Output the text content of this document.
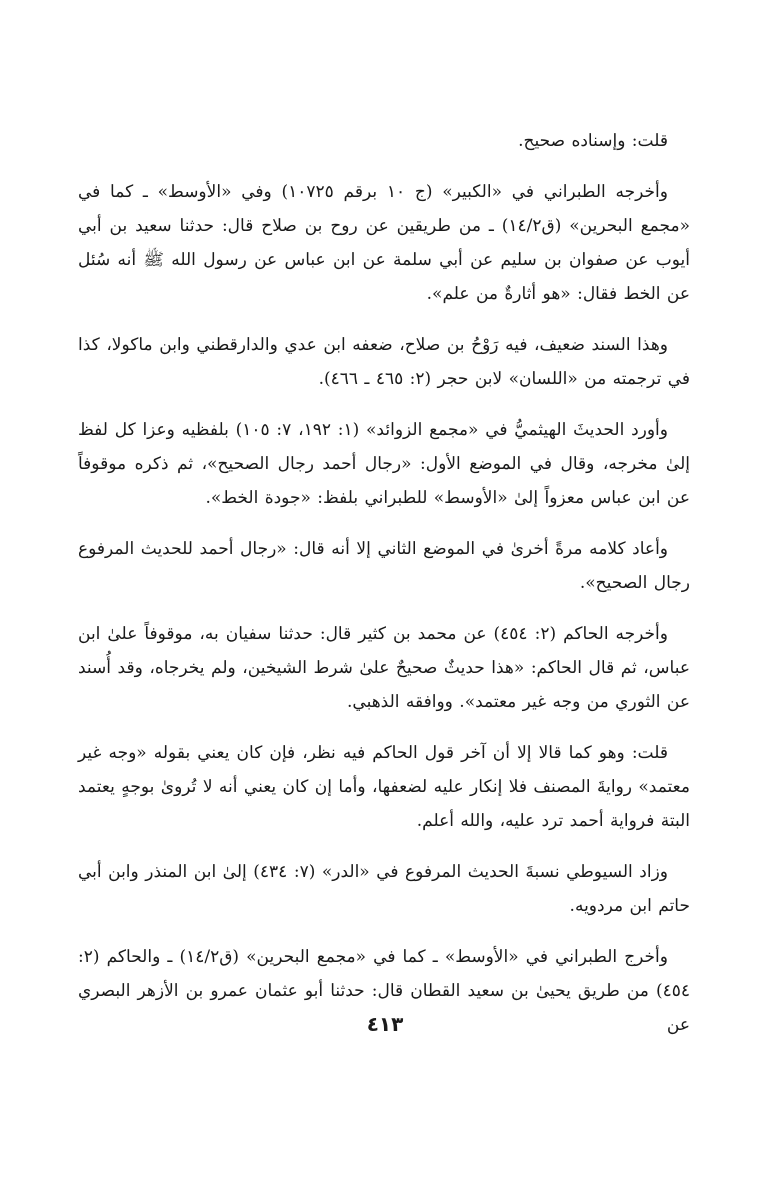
قلت: وإسناده صحيح.

وأخرجه الطبراني في «الكبير» (ج ١٠ برقم ١٠٧٢٥) وفي «الأوسط» ـ كما في «مجمع البحرين» (ق١٤/٢) ـ من طريقين عن روح بن صلاح قال: حدثنا سعيد بن أبي أيوب عن صفوان بن سليم عن أبي سلمة عن ابن عباس عن رسول الله ﷺ أنه سُئل عن الخط فقال: «هو أثارةٌ من علم».

وهذا السند ضعيف، فيه رَوْحُ بن صلاح، ضعفه ابن عدي والدارقطني وابن ماكولا، كذا في ترجمته من «اللسان» لابن حجر (٢: ٤٦٥ ـ ٤٦٦).

وأورد الحديثَ الهيثميُّ في «مجمع الزوائد» (١: ١٩٢، ٧: ١٠٥) بلفظيه وعزا كل لفظ إلىٰ مخرجه، وقال في الموضع الأول: «رجال أحمد رجال الصحيح»، ثم ذكره موقوفاً عن ابن عباس معزواً إلىٰ «الأوسط» للطبراني بلفظ: «جودة الخط».

وأعاد كلامه مرةً أخرىٰ في الموضع الثاني إلا أنه قال: «رجال أحمد للحديث المرفوع رجال الصحيح».

وأخرجه الحاكم (٢: ٤٥٤) عن محمد بن كثير قال: حدثنا سفيان به، موقوفاً علىٰ ابن عباس، ثم قال الحاكم: «هذا حديثٌ صحيحٌ علىٰ شرط الشيخين، ولم يخرجاه، وقد أُسند عن الثوري من وجه غير معتمد». ووافقه الذهبي.

قلت: وهو كما قالا إلا أن آخر قول الحاكم فيه نظر، فإن كان يعني بقوله «وجه غير معتمد» روايةَ المصنف فلا إنكار عليه لضعفها، وأما إن كان يعني أنه لا تُروىٰ بوجهٍ يعتمد البتة فرواية أحمد ترد عليه، والله أعلم.

وزاد السيوطي نسبةَ الحديث المرفوع في «الدر» (٧: ٤٣٤) إلىٰ ابن المنذر وابن أبي حاتم ابن مردويه.

وأخرج الطبراني في «الأوسط» ـ كما في «مجمع البحرين» (ق١٤/٢) ـ والحاكم (٢: ٤٥٤) من طريق يحيىٰ بن سعيد القطان قال: حدثنا أبو عثمان عمرو بن الأزهر البصري عن

٤١٣
